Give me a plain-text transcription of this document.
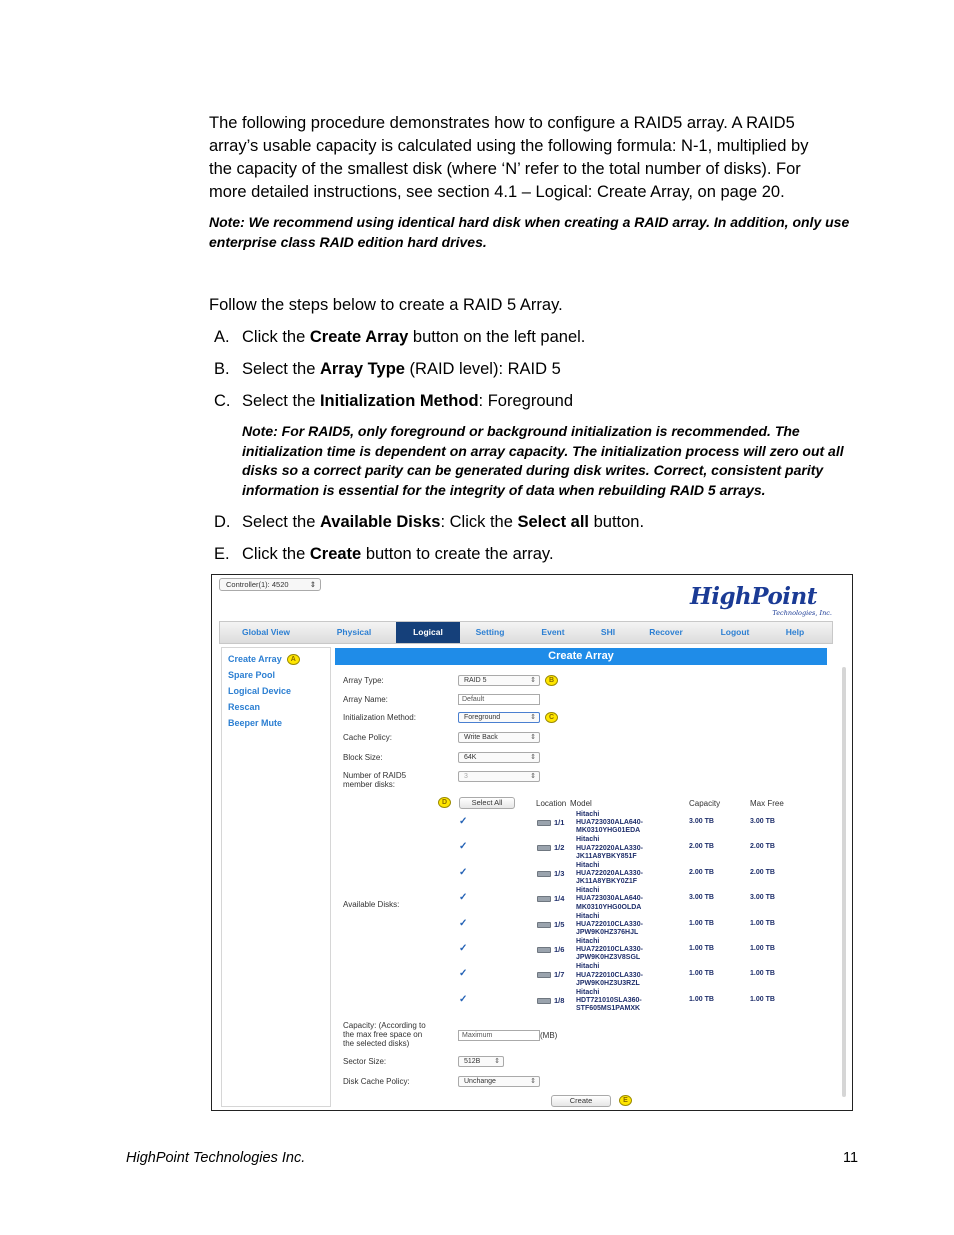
The following procedure demonstrates how to configure a RAID5 array. A RAID5
array’s usable capacity is calculated using the following formula: N-1, multiplied by
the capacity of the smallest disk (where ‘N’ refer to the total number of disks). For
more detailed instructions, see section 4.1 – Logical: Create Array, on page 20.
Note: We recommend using identical hard disk when creating a RAID array. In addition, only use
enterprise class RAID edition hard drives.
Follow the steps below to create a RAID 5 Array.
A. Click the Create Array button on the left panel.
B. Select the Array Type (RAID level): RAID 5
C. Select the Initialization Method: Foreground
Note: For RAID5, only foreground or background initialization is recommended. The
initialization time is dependent on array capacity. The initialization process will zero out all
disks so a correct parity can be generated during disk writes. Correct, consistent parity
information is essential for the integrity of data when rebuilding RAID 5 arrays.
D. Select the Available Disks: Click the Select all button.
E. Click the Create button to create the array.
Controller(1): 4520	⇕	HighPoint
Technologies, Inc.
Global View	Physical	Logical	Setting	Event	SHI	Recover	Logout	Help
Create Array A
Spare Pool
Logical Device
Rescan
Beeper Mute
Create Array
Array Type:	RAID 5	⇕	B
Array Name:	Default
Initialization Method:	Foreground	⇕	C
Cache Policy:	Write Back	⇕
Block Size:	64K	⇕
Number of RAID5
member disks:
3	⇕
D	Select All	Location Model	Capacity	Max Free
Available Disks:
✓	1/1
Hitachi
HUA723030ALA640-
MK0310YHG01EDA
3.00 TB	3.00 TB
✓	1/2
Hitachi
HUA722020ALA330-
JK11A8YBKY851F
2.00 TB	2.00 TB
✓	1/3
Hitachi
HUA722020ALA330-
JK11A8YBKY0Z1F
2.00 TB	2.00 TB
✓	1/4
Hitachi
HUA723030ALA640-
MK0310YHG0OLDA
3.00 TB	3.00 TB
✓	1/5
Hitachi
HUA722010CLA330-
JPW9K0HZ376HJL
1.00 TB	1.00 TB
✓	1/6
Hitachi
HUA722010CLA330-
JPW9K0HZ3V8SGL
1.00 TB	1.00 TB
✓	1/7
Hitachi
HUA722010CLA330-
JPW9K0HZ3U3RZL
1.00 TB	1.00 TB
✓	1/8
Hitachi
HDT721010SLA360-
STF605MS1PAMXK
1.00 TB	1.00 TB
Capacity: (According to
the max free space on
the selected disks)
Maximum	(MB)
Sector Size:	512B ⇕
Disk Cache Policy:	Unchange	⇕
Create	E
HighPoint Technologies Inc.	11
